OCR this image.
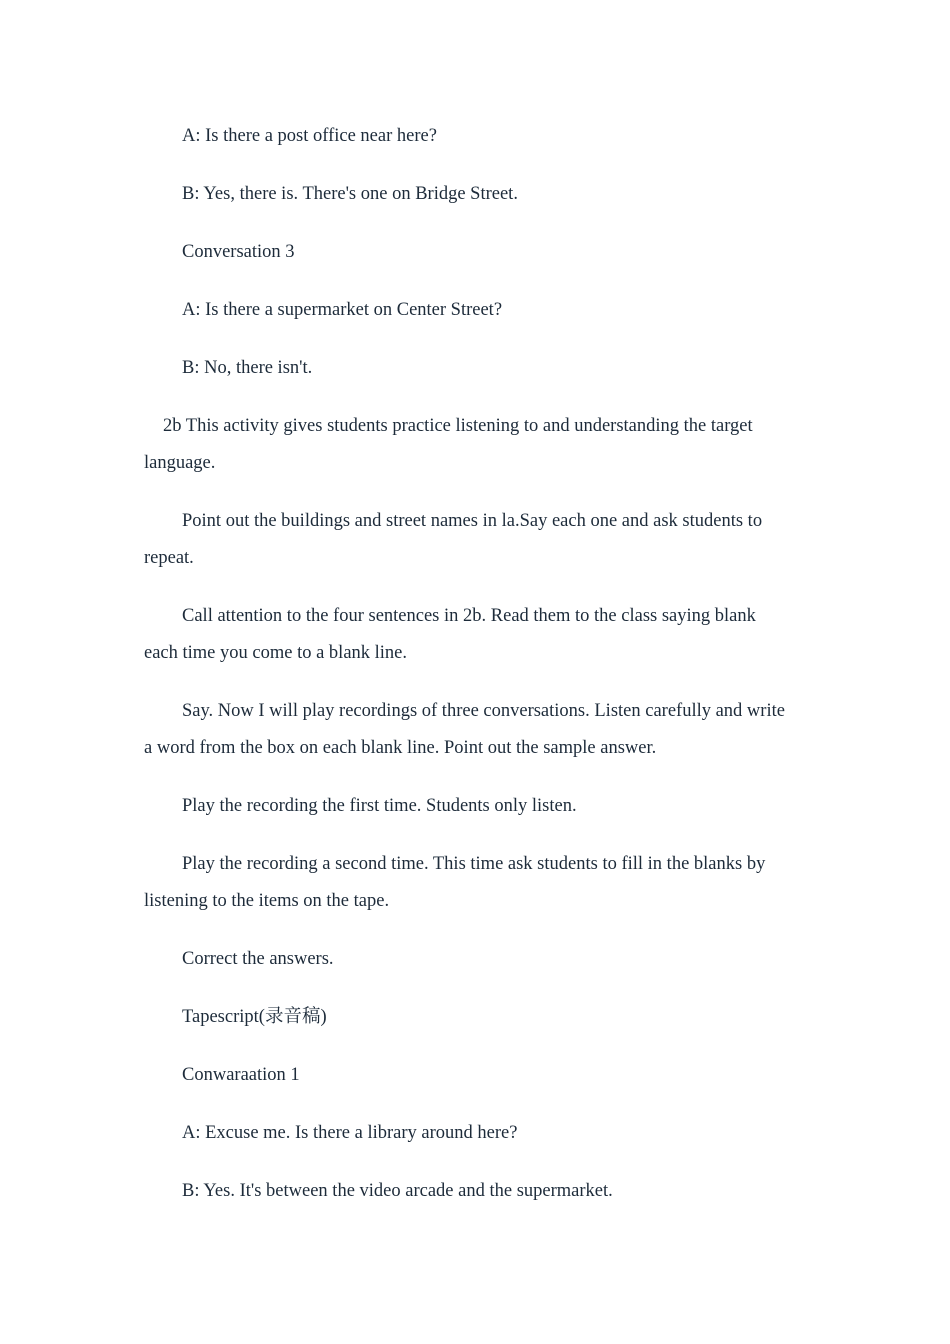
A: Is there a post office near here?

B: Yes, there is. There's one on Bridge Street.

Conversation 3

A: Is there a supermarket on Center Street?

B: No, there isn't.

2b This activity gives students practice listening to and understanding the target language.

Point out the buildings and street names in la.Say each one and ask students to repeat.

Call attention to the four sentences in 2b. Read them to the class saying blank each time you come to a blank line.

Say. Now I will play recordings of three conversations. Listen carefully and write a word from the box on each blank line. Point out the sample answer.

Play the recording the first time. Students only listen.

Play the recording a second time. This time ask students to fill in the blanks by listening to the items on the tape.

Correct the answers.

Tapescript(录音稿)

Conwaraation 1

A: Excuse me. Is there a library around here?

B: Yes. It's between the video arcade and the supermarket.
